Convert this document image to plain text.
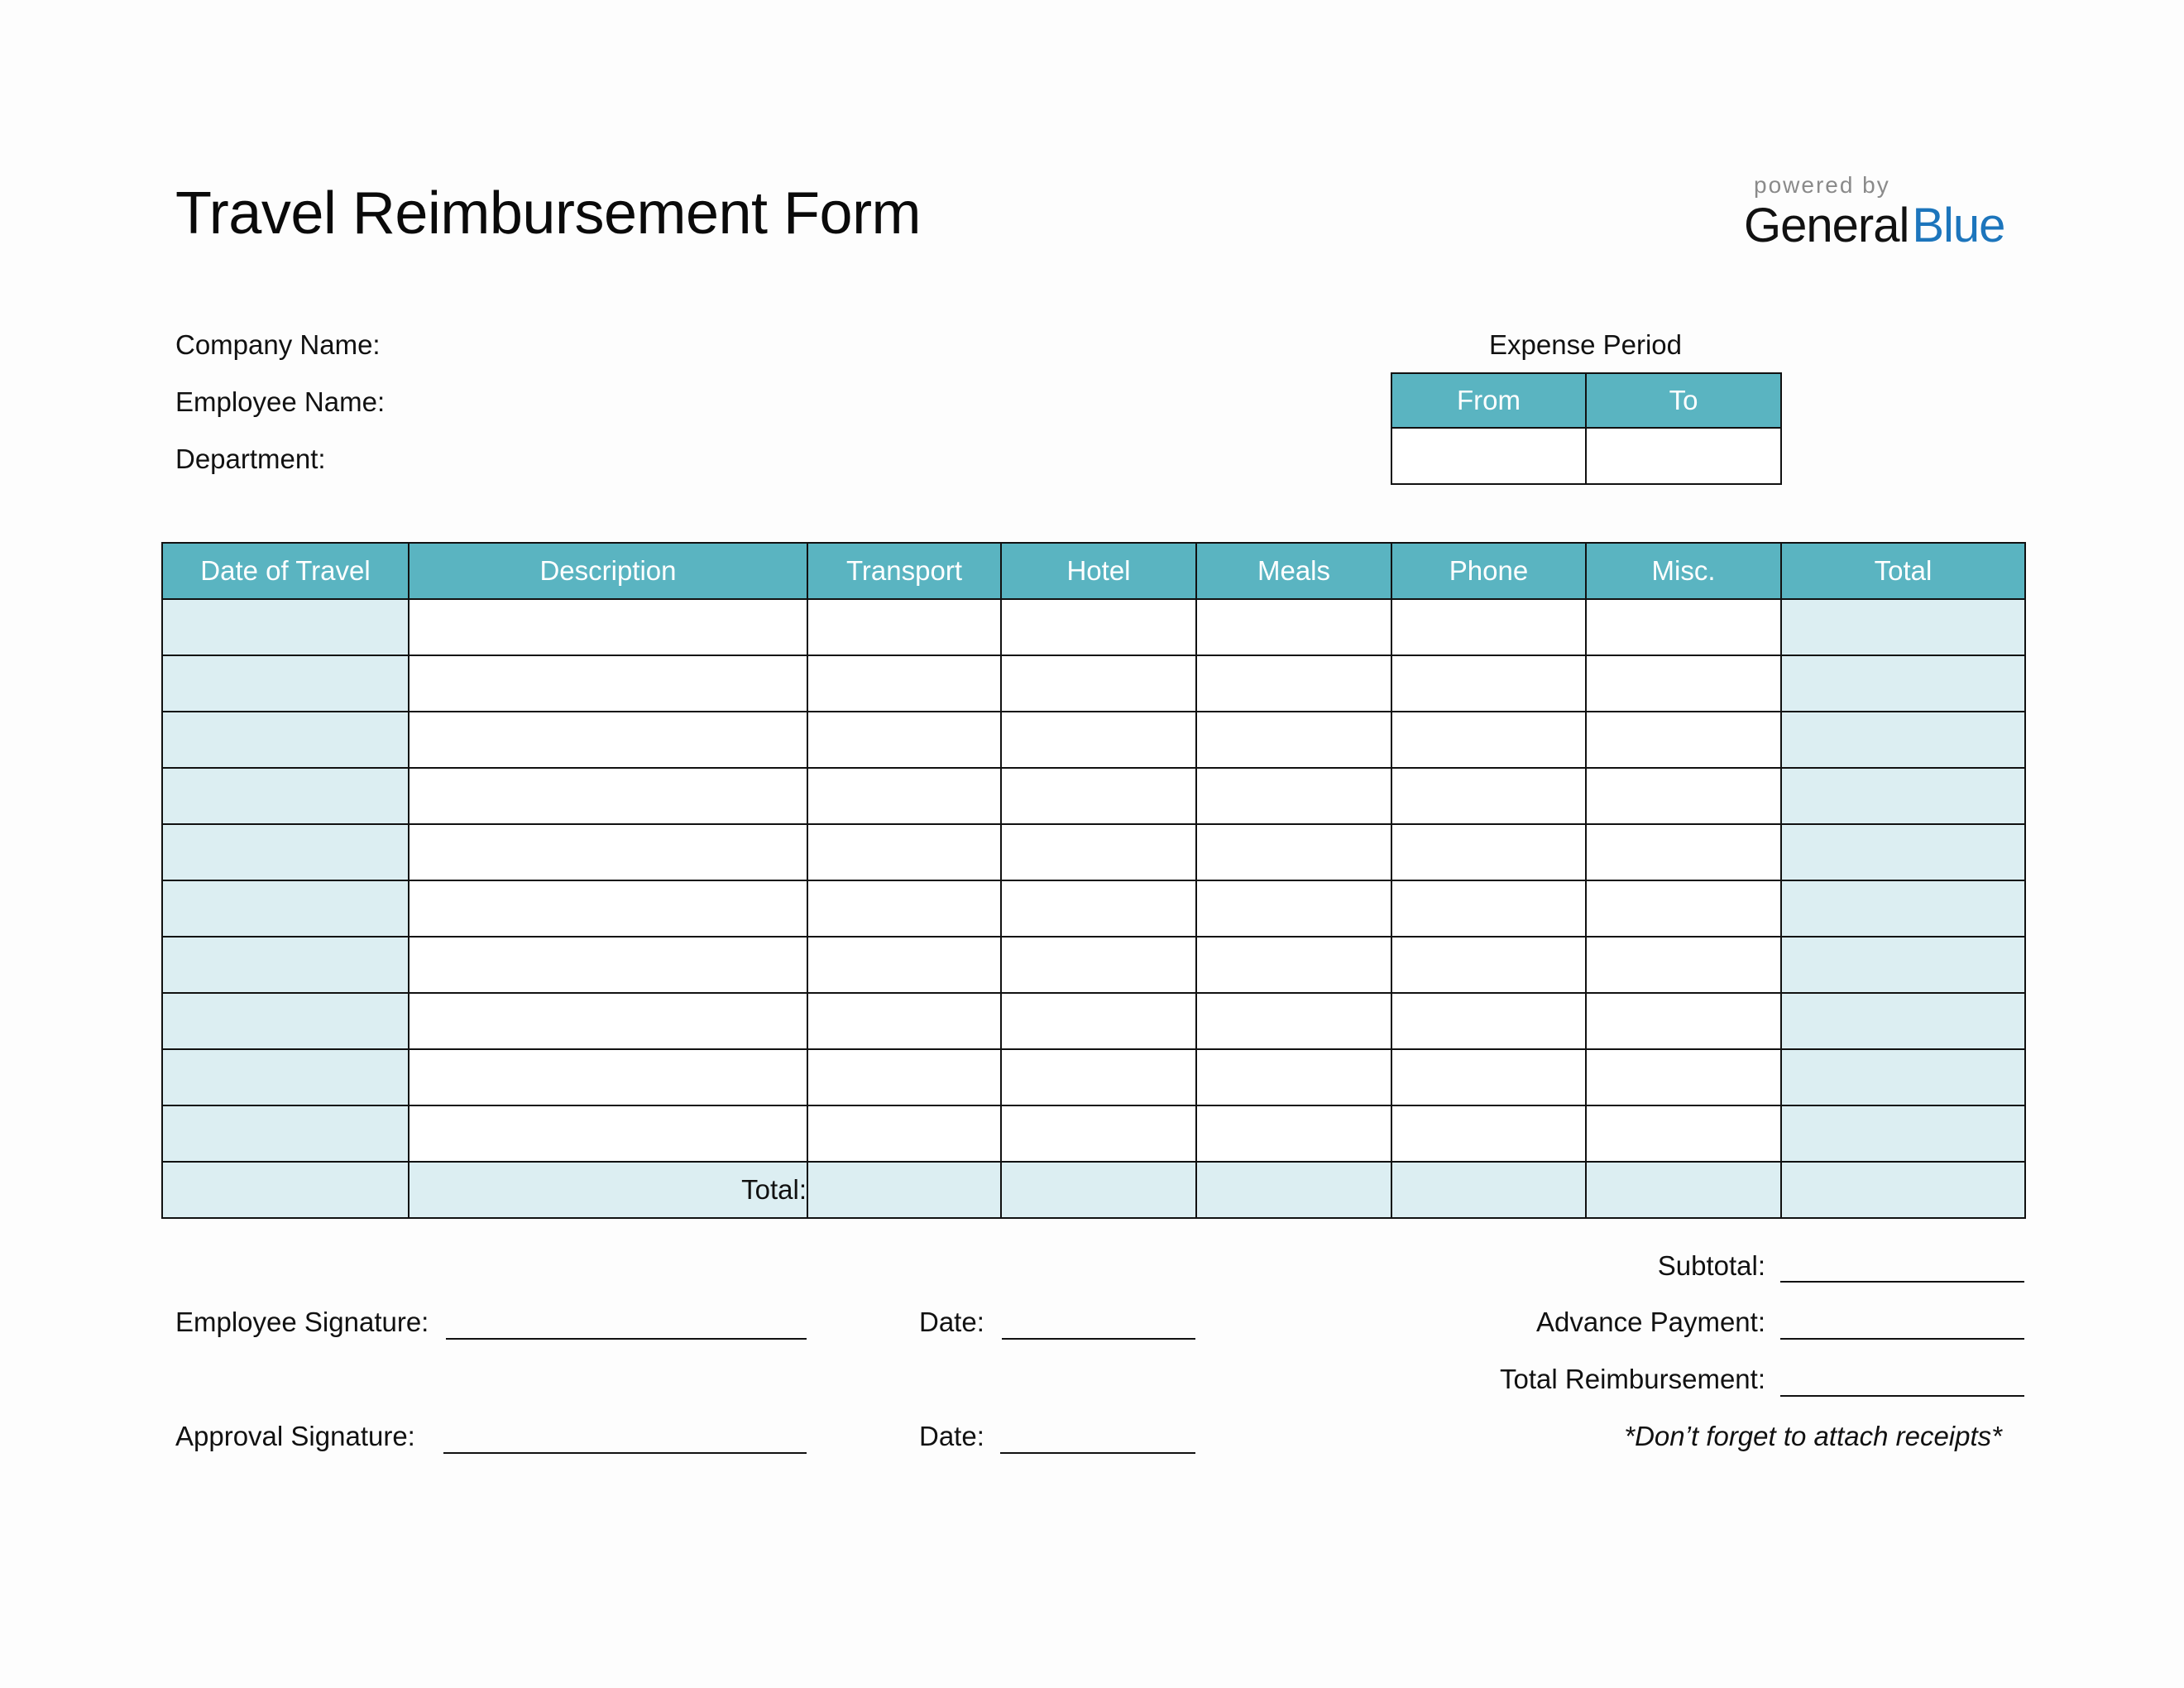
Travel Reimbursement Form	powered by
GeneralBlue
Company Name:
Employee Name:
Department:
Expense Period
From	To

Date of Travel	Description	Transport	Hotel	Meals	Phone	Misc.	Total

	Total:						
Subtotal:
Advance Payment:
Total Reimbursement:
*Don’t forget to attach receipts*
Employee Signature:	Date:
Approval Signature:	Date:
